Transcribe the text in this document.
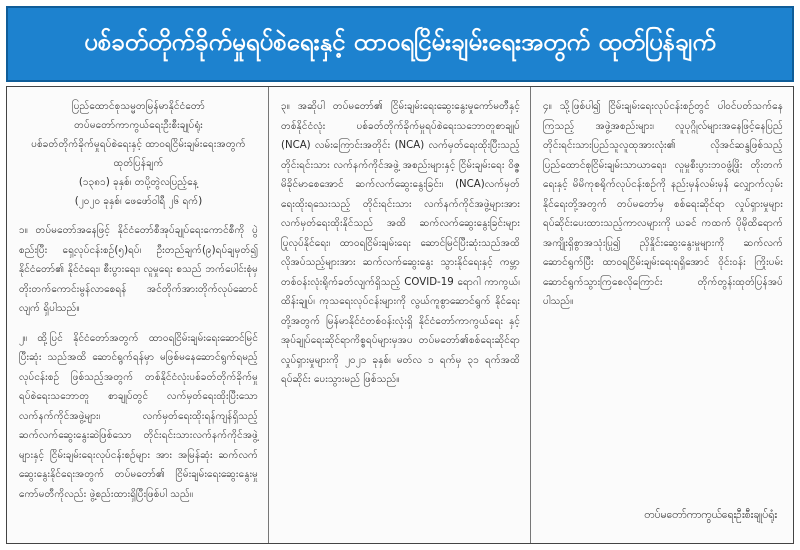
ပစ်ခတ်တိုက်ခိုက်မှုရပ်စဲရေးနှင့် ထာဝရငြိမ်းချမ်းရေးအတွက် ထုတ်ပြန်ချက်
ပြည်ထောင်စုသမ္မတမြန်မာနိုင်ငံတော်
တပ်မတော်ကာကွယ်ရေးဦးစီးချုပ်ရုံး
ပစ်ခတ်တိုက်ခိုက်မှုရပ်စဲရေးနှင့် ထာဝရငြိမ်းချမ်းရေးအတွက်
ထုတ်ပြန်ချက်
(၁၃၈၁) ခုနှစ်၊ တပို့တွဲလပြည့်နေ့
(၂၀၂၀ ခုနှစ်၊ ဖေဖော်ဝါရီ ၂၆ ရက်)

၁။ တပ်မတော်အနေဖြင့် နိုင်ငံတော်စီအုပ်ချုပ်ရေးကောင်စီကို ပွဲ စည်းပြီး ရှေ့လုပ်ငန်းစဉ်(၅)ရပ်၊ ဦးတည်ချက်(၉)ရပ်ချမှတ်၍ နိုင်ငံတော်၏ နိုင်ငံရေး၊ စီးပွားရေး၊ လူမှုရေး စသည် ဘက်ပေါင်းစုံမှ တိုးတက်ကောင်းမွန်လာစေရန် အင်တိုက်အားတိုက်လုပ်ဆောင်လျက် ရှိပါသည်။

၂။ ထို့ပြင် နိုင်ငံတော်အတွက် ထာဝရငြိမ်းချမ်းရေးဆောင်မြင်ပြီးဆုံး သည်အထိ ဆောင်ရွက်ရန်မှာ မဖြစ်မနေဆောင်ရွက်ရမည့် လုပ်ငန်းစဉ် ဖြစ်သည့်အတွက် တစ်နိုင်ငံလုံးပစ်ခတ်တိုက်ခိုက်မှုရပ်စဲရေးသဘောတူ စာချုပ်တွင် လက်မှတ်ရေးထိုးပြီးသော လက်နက်ကိုင်အဖွဲ့များ၊ လက်မှတ်ရေးထိုးရန်ကျန်ရှိသည့် ဆက်လက်ဆွေးနွေးဆဲဖြစ်သော တိုင်းရင်းသားလက်နက်ကိုင်အဖွဲ့များနှင့် ငြိမ်းချမ်းရေးလုပ်ငန်းစဉ်များ အား အမြန်ဆုံး ဆက်လက်ဆွေးနွေးနိုင်ရေးအတွက် တပ်မတော်၏ ငြိမ်းချမ်းရေးဆွေးနွေးမှုကော်မတီကိုလည်း ဖွဲ့စည်းထားရှိပြီးဖြစ်ပါ သည်။

၃။ အဆိုပါ တပ်မတော်၏ ငြိမ်းချမ်းရေးဆွေးနွေးမှုကော်မတီနှင့် တစ်နိုင်ငံလုံး ပစ်ခတ်တိုက်ခိုက်မှုရပ်စဲရေးသဘောတူစာချုပ် (NCA) လမ်းကြောင်းအတိုင်း (NCA) လက်မှတ်ရေးထိုးပြီးသည့် တိုင်းရင်းသား လက်နက်ကိုင်အဖွဲ့ အစည်းများနှင့် ငြိမ်းချမ်းရေး ဝိဇ္ဇမိခိုင်မာစေအောင် ဆက်လက်ဆွေးနွေးခြင်း၊ (NCA)လက်မှတ်ရေးထိုးရသေးသည့် တိုင်းရင်းသား လက်နက်ကိုင်အဖွဲ့များအား လက်မှတ်ရေးထိုးနိုင်သည် အထိ ဆက်လက်ဆွေးနွေးခြင်းများပြုလုပ်နိုင်ရေး၊ ထာဝရငြိမ်းချမ်းရေး ဆောင်မြင်ပြီးဆုံးသည်အထိ လိုအပ်သည့်များအား ဆက်လက်ဆွေးနွေး သွားနိုင်ရေးနှင့် ကမ္ဘာတစ်ဝန်းလုံးရိုက်ခတ်လျက်ရှိသည့် COVID-19 ရောဂါ ကာကွယ်၊ ထိန်းချုပ်၊ ကုသရေးလုပ်ငန်းများကို လွယ်ကူစွာဆောင်ရွက် နိုင်ရေးတို့အတွက် မြန်မာနိုင်ငံတစ်ဝန်းလုံးရှိ နိုင်ငံတော်ကာကွယ်ရေး နှင့် အုပ်ချုပ်ရေးဆိုင်ရာကိစ္စရပ်များမှအပ တပ်မတော်၏စစ်ရေးဆိုင်ရာ လှုပ်ရှားမှုများကို ၂၀၂၁ ခုနှစ်၊ မတ်လ ၁ ရက်မှ ၃၁ ရက်အထိ ရပ်ဆိုင်း ပေးသွားမည် ဖြစ်သည်။

၄။ သို့ဖြစ်ပါ၍ ငြိမ်းချမ်းရေးလုပ်ငန်းစဉ်တွင် ပါဝင်ပတ်သက်နေ ကြသည့် အဖွဲ့အစည်းများ၊ လူပုဂ္ဂိုလ်များအနေဖြင့်နေပြည် တိုင်းရင်းသားပြည်သူလူထုအားလုံး၏ လိုအင်ဆန္ဒဖြစ်သည့် ပြည်ထောင်စုငြိမ်းချမ်းသာယာရေး၊ လူမှုစီးပွားဘဝဖွံ့ဖြိုး တိုးတက်ရေးနှင့် မိမိကုစရိုက်လုပ်ငန်းစဉ်ကို နည်းမှန်လမ်းမှန် လျှောက်လှမ်းနိုင်ရေးတို့အတွက် တပ်မတော်မှ စစ်ရေးဆိုင်ရာ လှုပ်ရှားမှုများ ရပ်ဆိုင်းပေးထားသည့်ကာလများကို ယခင် ကထက် ပိုမိုထိရောက်အကျိုးရှိစွာအသုံးပြု၍ ညှိနှိုင်းဆွေးနွေးမှုများကို ဆက်လက်ဆောင်ရွက်ပြီး ထာဝရငြိမ်းချမ်းရေးရရှိအောင် ဝိုင်းဝန်း ကြိုးပမ်းဆောင်ရွက်သွားကြစေလိုကြောင်း တိုက်တွန်းထုတ်ပြန်အပ် ပါသည်။

တပ်မတော်ကာကွယ်ရေးဦးစီးချုပ်ရုံး
